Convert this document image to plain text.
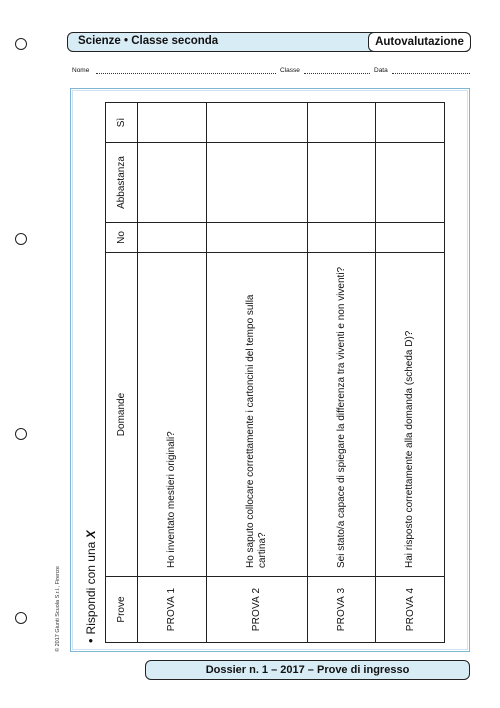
Scienze • Classe seconda	Autovalutazione
Nome	Classe	Data
© 2017 Giunti Scuola S.r.l., Firenze •Rispondi con una X
Prove	Domande	No	Abbastanza	Sì
PROVA 1	Ho inventato mestieri originali?			
PROVA 2	Ho saputo collocare correttamente i cartoncini del tempo sulla cartina?			
PROVA 3	Sei stato/a capace di spiegare la differenza tra viventi e non viventi?			
PROVA 4	Hai risposto correttamente alla domanda (scheda D)?			
Dossier n. 1 – 2017 – Prove di ingresso
